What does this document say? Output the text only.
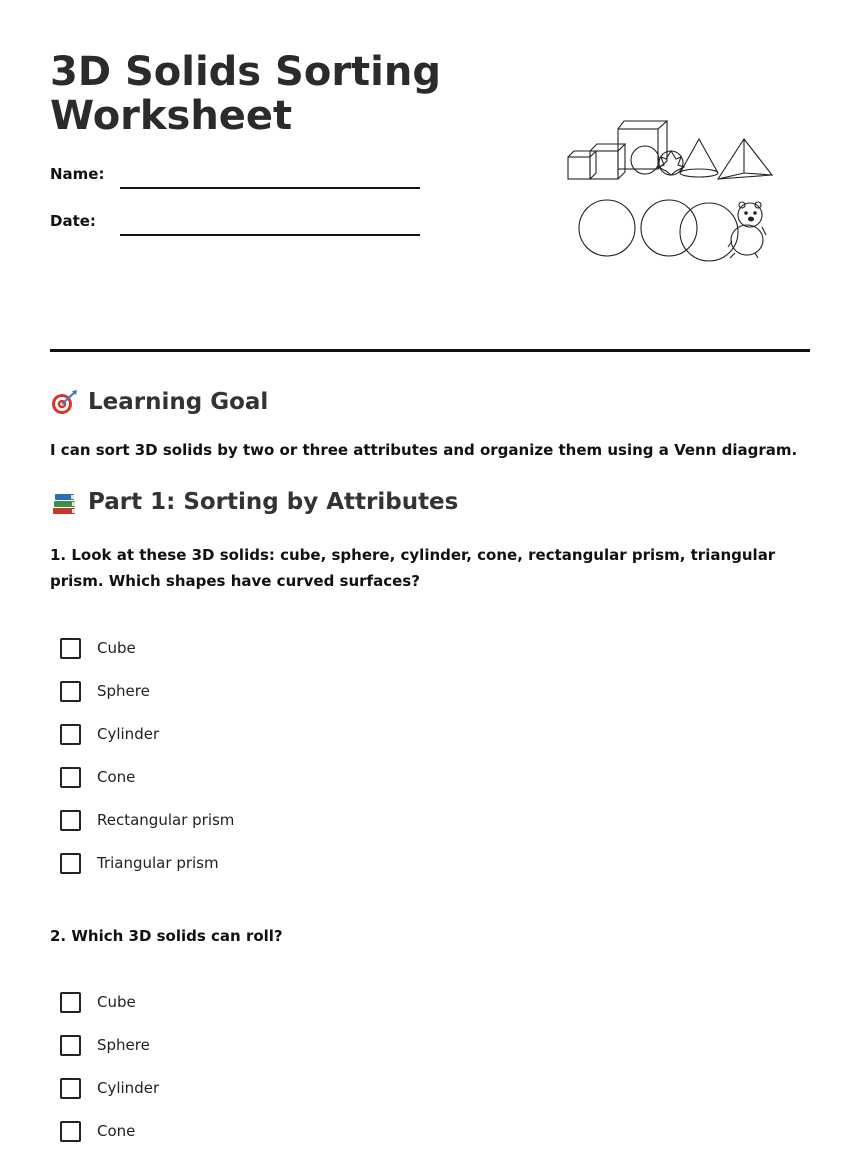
3D Solids Sorting Worksheet
Name:
Date:
Learning Goal

I can sort 3D solids by two or three attributes and organize them using a Venn diagram.

Part 1: Sorting by Attributes

1. Look at these 3D solids: cube, sphere, cylinder, cone, rectangular prism, triangular prism. Which shapes have curved surfaces?

Cube
Sphere
Cylinder
Cone
Rectangular prism
Triangular prism

2. Which 3D solids can roll?

Cube
Sphere
Cylinder
Cone
